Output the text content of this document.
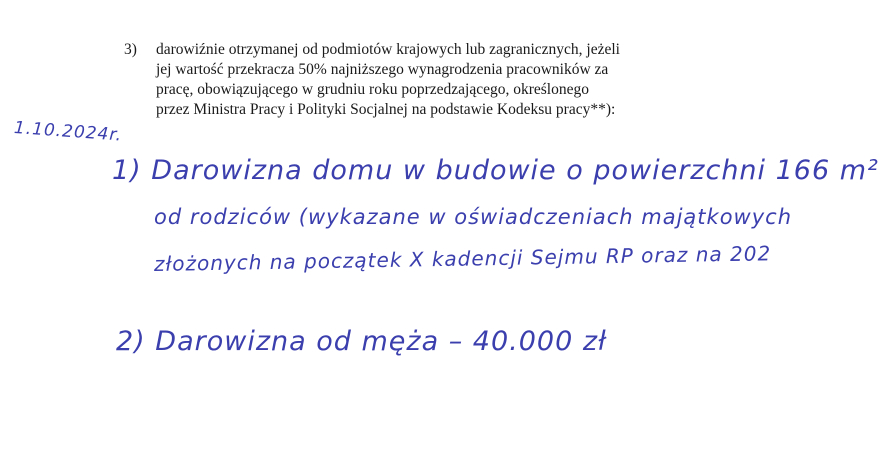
3) darowiźnie otrzymanej od podmiotów krajowych lub zagranicznych, jeżeli
jej wartość przekracza 50% najniższego wynagrodzenia pracowników za
pracę, obowiązującego w grudniu roku poprzedzającego, określonego
przez Ministra Pracy i Polityki Socjalnej na podstawie Kodeksu pracy**):
1.10.2024r.
1) Darowizna domu w budowie o powierzchni 166 m²
od rodziców (wykazane w oświadczeniach majątkowych
złożonych na początek X kadencji Sejmu RP oraz na 202
2) Darowizna od męża – 40.000 zł
